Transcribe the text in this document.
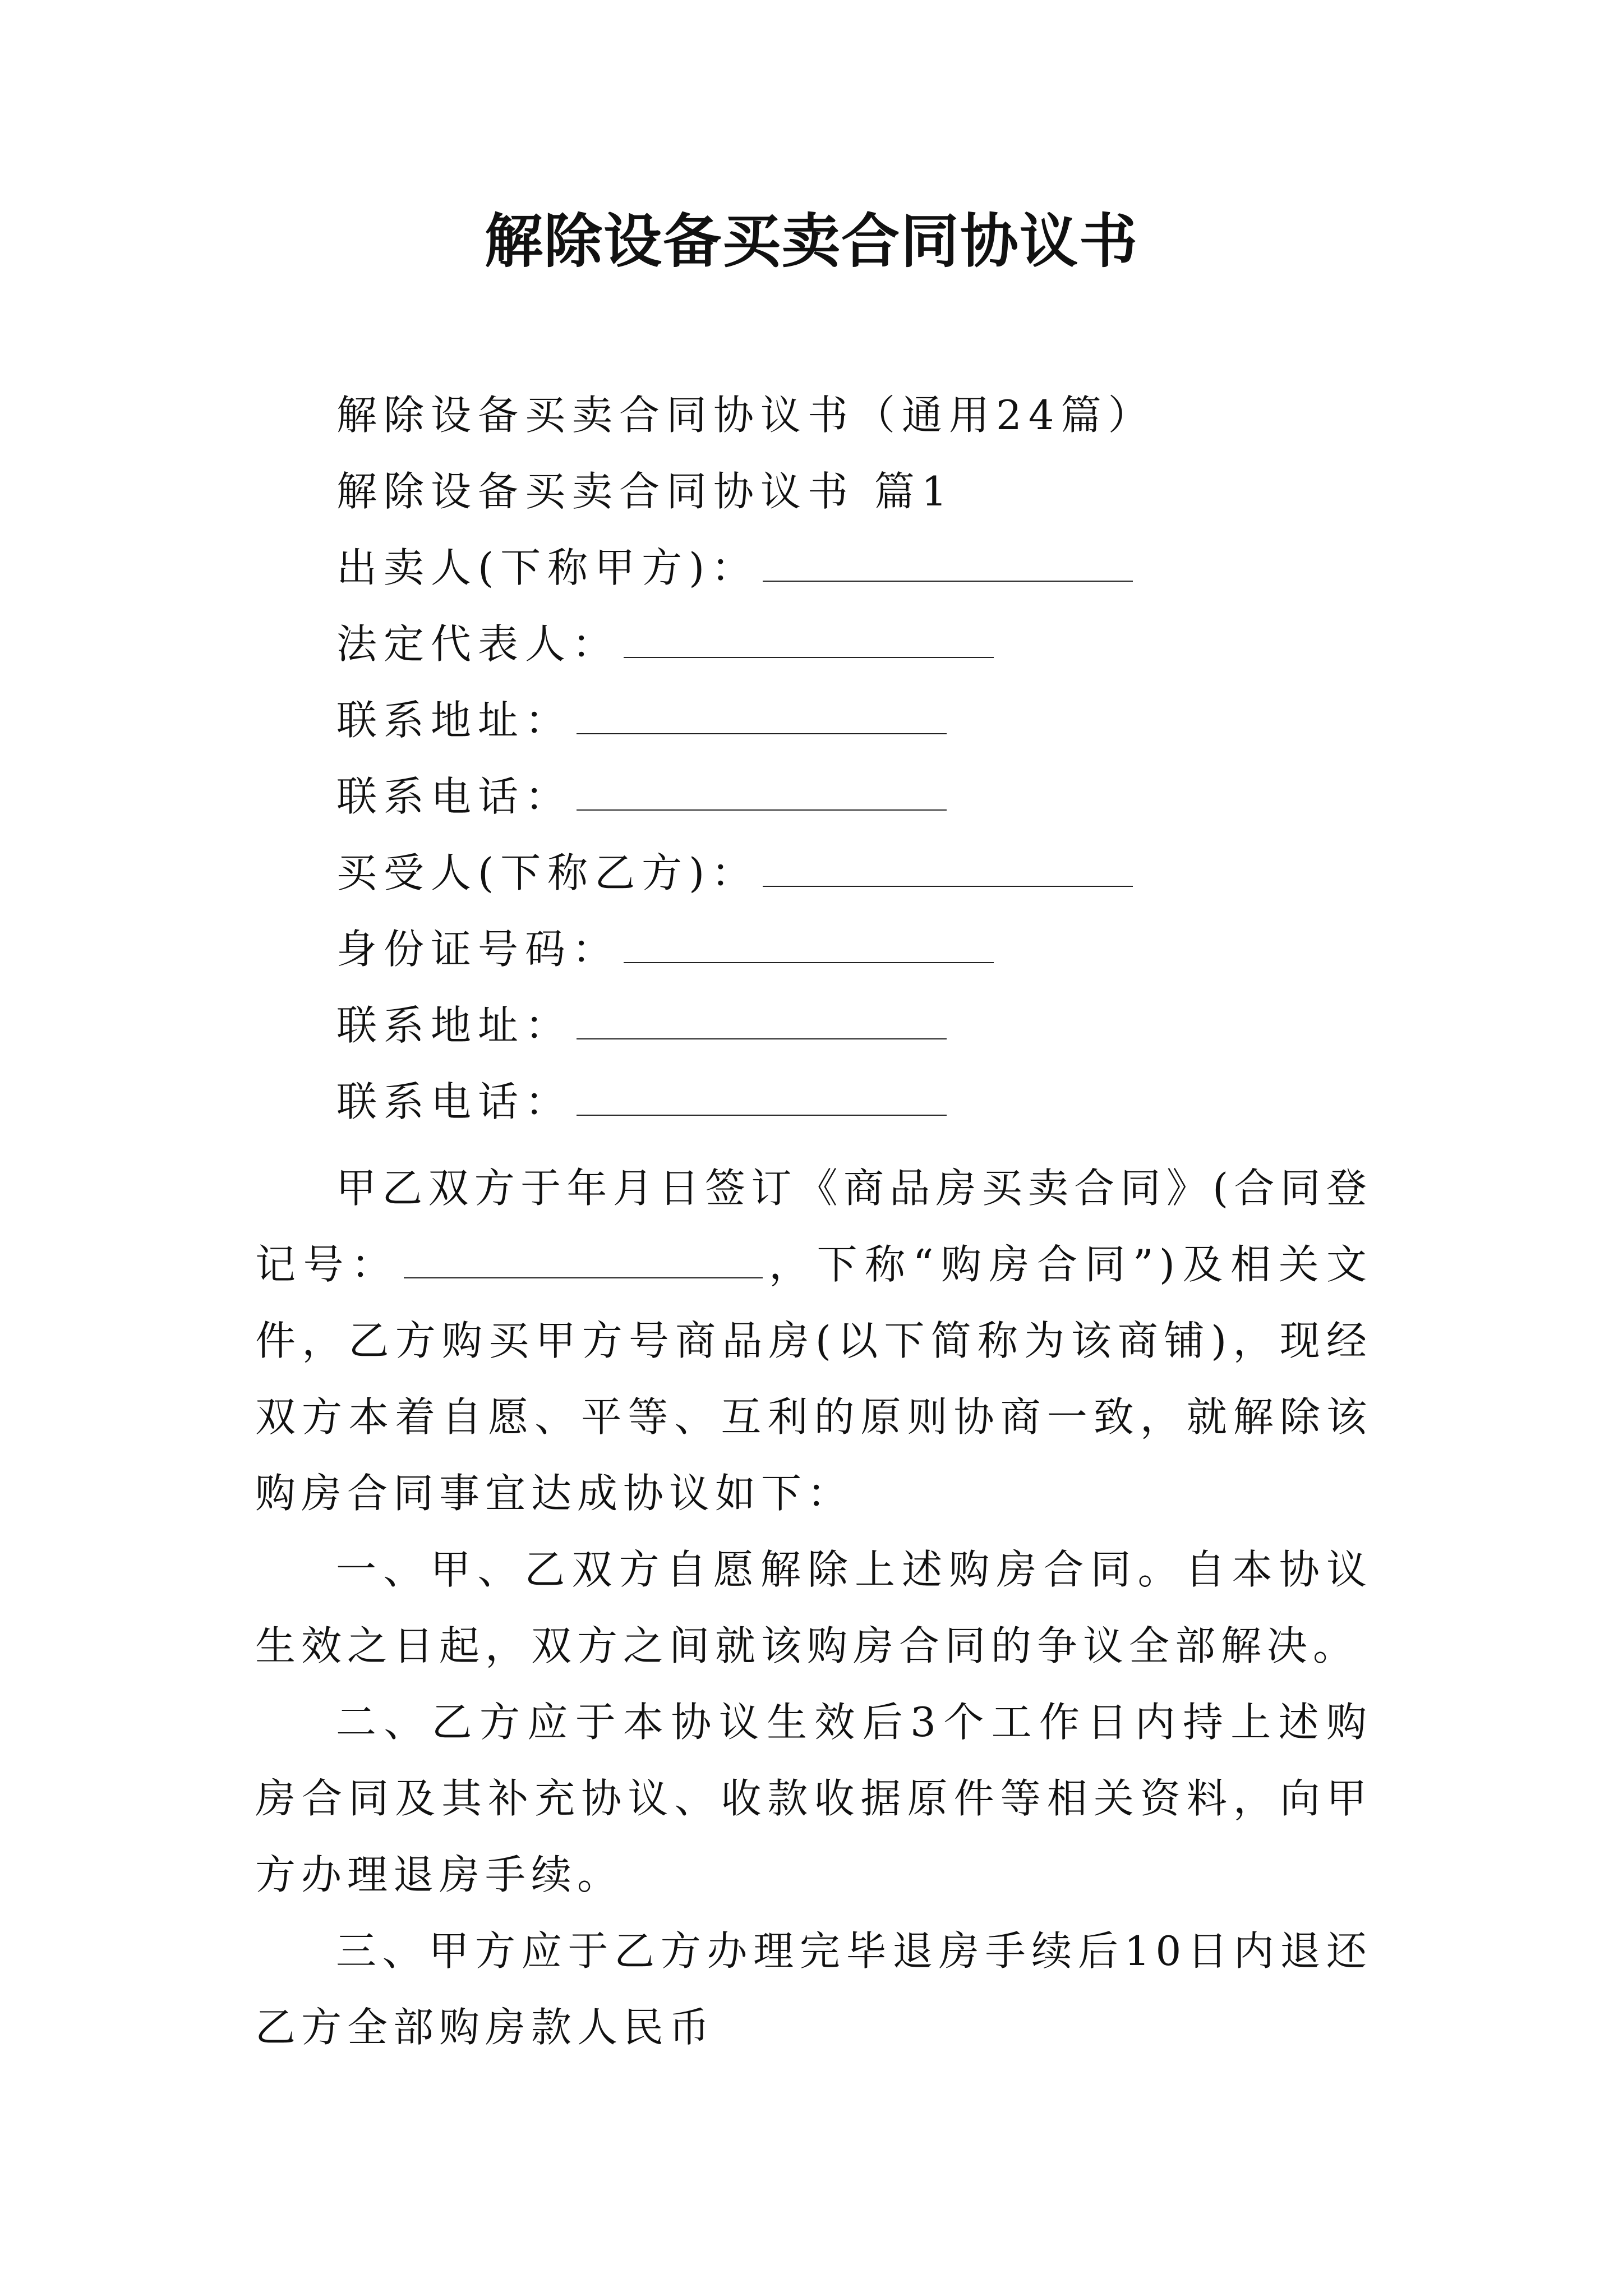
解除设备买卖合同协议书
解除设备买卖合同协议书（通用24篇）
解除设备买卖合同协议书 篇1
出卖人(下称甲方)：
法定代表人：
联系地址：
联系电话：
买受人(下称乙方)：
身份证号码：
联系地址：
联系电话：

甲乙双方于年月日签订《商品房买卖合同》(合同登记号：	，下称“购房合同”)及相关文件，乙方购买甲方号商品房(以下简称为该商铺)，现经双方本着自愿、平等、互利的原则协商一致，就解除该购房合同事宜达成协议如下：

一、甲、乙双方自愿解除上述购房合同。自本协议生效之日起，双方之间就该购房合同的争议全部解决。

二、乙方应于本协议生效后3个工作日内持上述购房合同及其补充协议、收款收据原件等相关资料，向甲方办理退房手续。

三、甲方应于乙方办理完毕退房手续后10日内退还乙方全部购房款人民币
